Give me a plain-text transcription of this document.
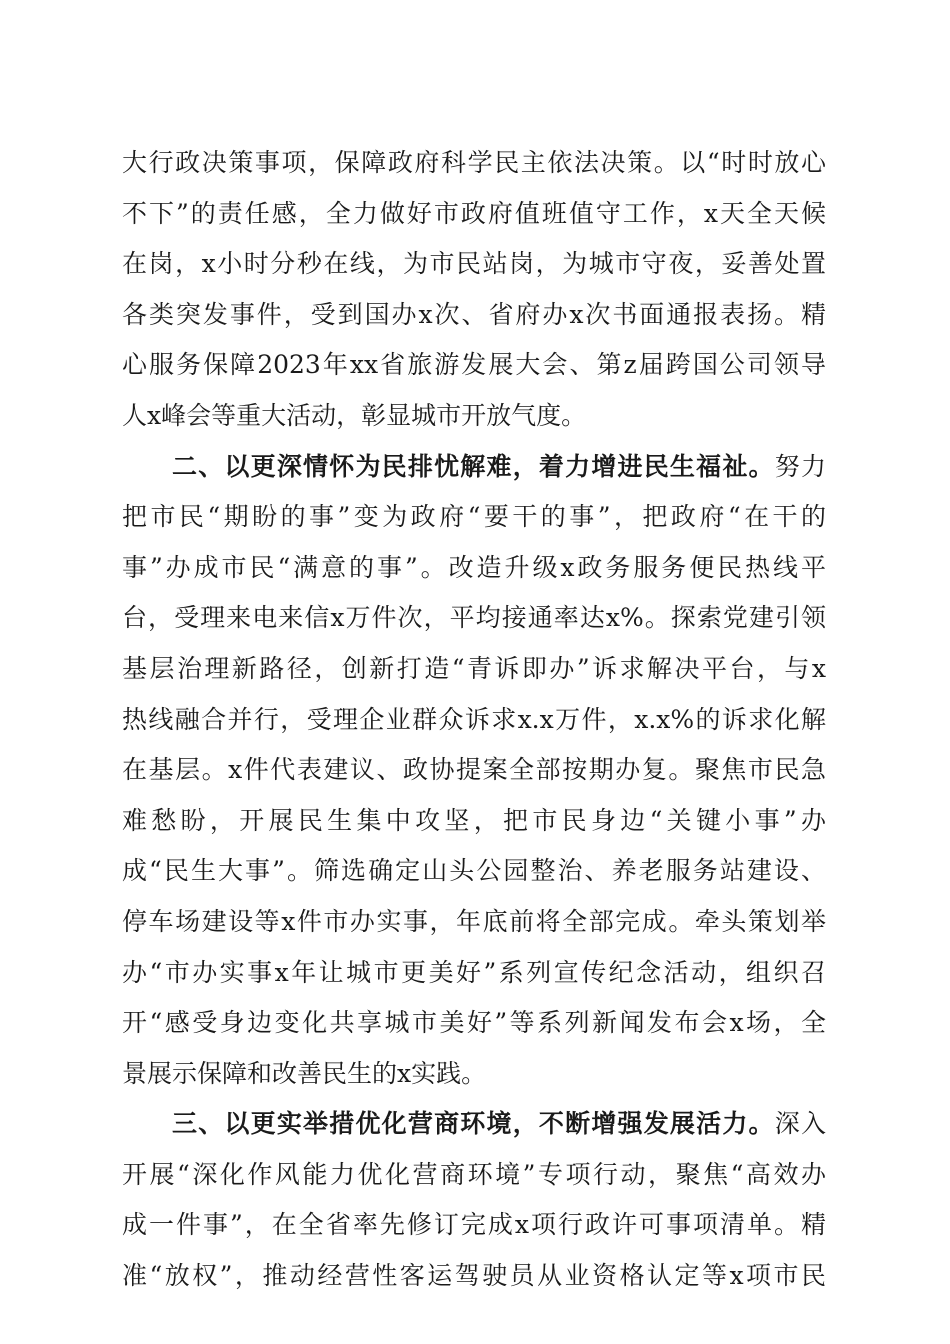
大行政决策事项，保障政府科学民主依法决策。以“时时放心
不下”的责任感，全力做好市政府值班值守工作，x天全天候
在岗，x小时分秒在线，为市民站岗，为城市守夜，妥善处置
各类突发事件，受到国办x次、省府办x次书面通报表扬。精
心服务保障2023年xx省旅游发展大会、第z届跨国公司领导
人x峰会等重大活动，彰显城市开放气度。
二、以更深情怀为民排忧解难，着力增进民生福祉。努力
把市民“期盼的事”变为政府“要干的事”，把政府“在干的
事”办成市民“满意的事”。改造升级x政务服务便民热线平
台，受理来电来信x万件次，平均接通率达x%。探索党建引领
基层治理新路径，创新打造“青诉即办”诉求解决平台，与x
热线融合并行，受理企业群众诉求x.x万件，x.x%的诉求化解
在基层。x件代表建议、政协提案全部按期办复。聚焦市民急
难愁盼，开展民生集中攻坚，把市民身边“关键小事”办
成“民生大事”。筛选确定山头公园整治、养老服务站建设、
停车场建设等x件市办实事，年底前将全部完成。牵头策划举
办“市办实事x年让城市更美好”系列宣传纪念活动，组织召
开“感受身边变化共享城市美好”等系列新闻发布会x场，全
景展示保障和改善民生的x实践。
三、以更实举措优化营商环境，不断增强发展活力。深入
开展“深化作风能力优化营商环境”专项行动，聚焦“高效办
成一件事”，在全省率先修订完成x项行政许可事项清单。精
准“放权”，推动经营性客运驾驶员从业资格认定等x项市民
